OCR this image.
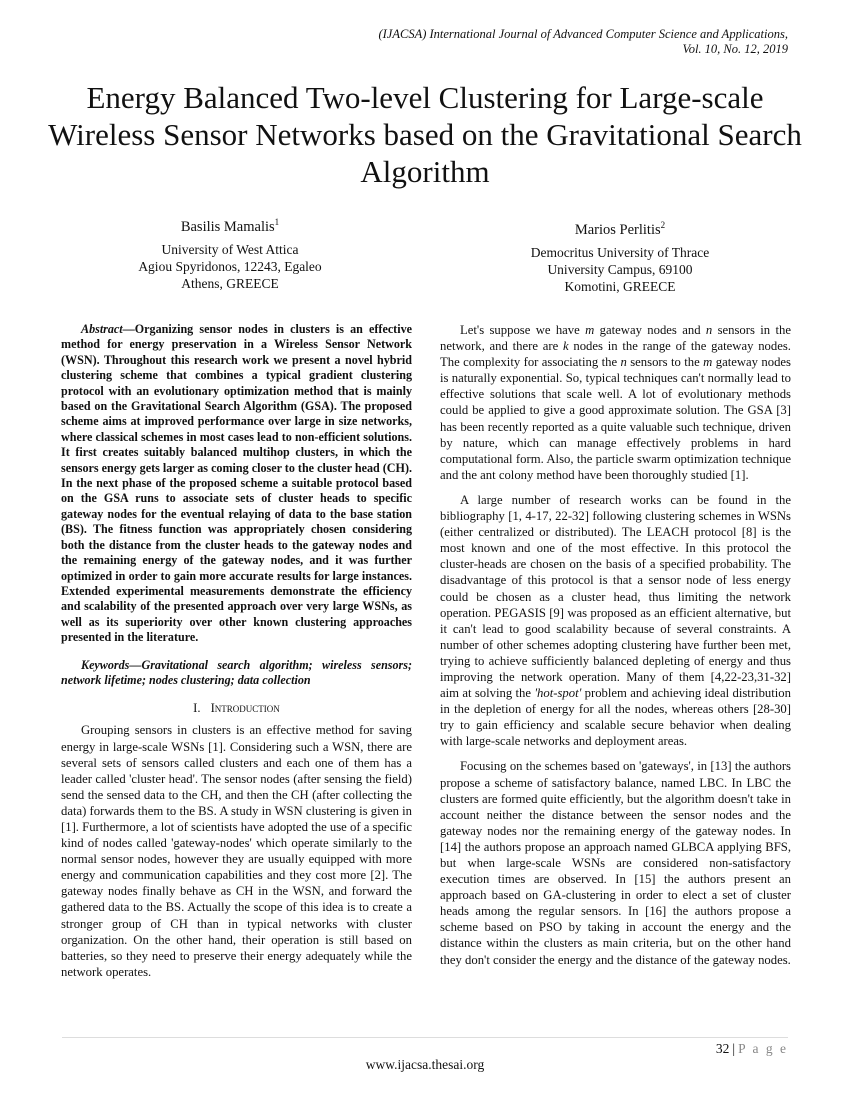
(IJACSA) International Journal of Advanced Computer Science and Applications,
Vol. 10, No. 12, 2019
Energy Balanced Two-level Clustering for Large-scale Wireless Sensor Networks based on the Gravitational Search Algorithm
Basilis Mamalis$^1$
University of West Attica
Agiou Spyridonos, 12243, Egaleo
Athens, GREECE
Marios Perlitis$^2$
Democritus University of Thrace
University Campus, 69100
Komotini, GREECE

Abstract—Organizing sensor nodes in clusters is an effective method for energy preservation in a Wireless Sensor Network (WSN). Throughout this research work we present a novel hybrid clustering scheme that combines a typical gradient clustering protocol with an evolutionary optimization method that is mainly based on the Gravitational Search Algorithm (GSA). The proposed scheme aims at improved performance over large in size networks, where classical schemes in most cases lead to non-efficient solutions. It first creates suitably balanced multihop clusters, in which the sensors energy gets larger as coming closer to the cluster head (CH). In the next phase of the proposed scheme a suitable protocol based on the GSA runs to associate sets of cluster heads to specific gateway nodes for the eventual relaying of data to the base station (BS). The fitness function was appropriately chosen considering both the distance from the cluster heads to the gateway nodes and the remaining energy of the gateway nodes, and it was further optimized in order to gain more accurate results for large instances. Extended experimental measurements demonstrate the efficiency and scalability of the presented approach over very large WSNs, as well as its superiority over other known clustering approaches presented in the literature.

Keywords—Gravitational search algorithm; wireless sensors; network lifetime; nodes clustering; data collection

I. Introduction

Grouping sensors in clusters is an effective method for saving energy in large-scale WSNs [1]. Considering such a WSN, there are several sets of sensors called clusters and each one of them has a leader called 'cluster head'. The sensor nodes (after sensing the field) send the sensed data to the CH, and then the CH (after collecting the data) forwards them to the BS. A study in WSN clustering is given in [1]. Furthermore, a lot of scientists have adopted the use of a specific kind of nodes called 'gateway-nodes' which operate similarly to the normal sensor nodes, however they are usually equipped with more energy and communication capabilities and they cost more [2]. The gateway nodes finally behave as CH in the WSN, and forward the gathered data to the BS. Actually the scope of this idea is to create a stronger group of CH than in typical networks with cluster organization. On the other hand, their operation is still based on batteries, so they need to preserve their energy adequately while the network operates.

Let's suppose we have m gateway nodes and n sensors in the network, and there are k nodes in the range of the gateway nodes. The complexity for associating the n sensors to the m gateway nodes is naturally exponential. So, typical techniques can't normally lead to effective solutions that scale well. A lot of evolutionary methods could be applied to give a good approximate solution. The GSA [3] has been recently reported as a quite valuable such technique, driven by nature, which can manage effectively problems in hard computational form. Also, the particle swarm optimization technique and the ant colony method have been thoroughly studied [1].

A large number of research works can be found in the bibliography [1, 4-17, 22-32] following clustering schemes in WSNs (either centralized or distributed). The LEACH protocol [8] is the most known and one of the most effective. In this protocol the cluster-heads are chosen on the basis of a specified probability. The disadvantage of this protocol is that a sensor node of less energy could be chosen as a cluster head, thus limiting the network operation. PEGASIS [9] was proposed as an efficient alternative, but it can't lead to good scalability because of several constraints. A number of other schemes adopting clustering have further been met, trying to achieve sufficiently balanced depleting of energy and thus improving the network operation. Many of them [4,22-23,31-32] aim at solving the 'hot-spot' problem and achieving ideal distribution in the depletion of energy for all the nodes, whereas others [28-30] try to gain efficiency and scalable secure behavior when dealing with large-scale networks and deployment areas.

Focusing on the schemes based on 'gateways', in [13] the authors propose a scheme of satisfactory balance, named LBC. In LBC the clusters are formed quite efficiently, but the algorithm doesn't take in account neither the distance between the sensor nodes and the gateway nodes nor the remaining energy of the gateway nodes. In [14] the authors propose an approach named GLBCA applying BFS, but when large-scale WSNs are considered non-satisfactory execution times are observed. In [15] the authors present an approach based on GA-clustering in order to elect a set of cluster heads among the regular sensors. In [16] the authors propose a scheme based on PSO by taking in account the energy and the distance within the clusters as main criteria, but on the other hand they don't consider the energy and the distance of the gateway nodes.

32 | P a g e
www.ijacsa.thesai.org
